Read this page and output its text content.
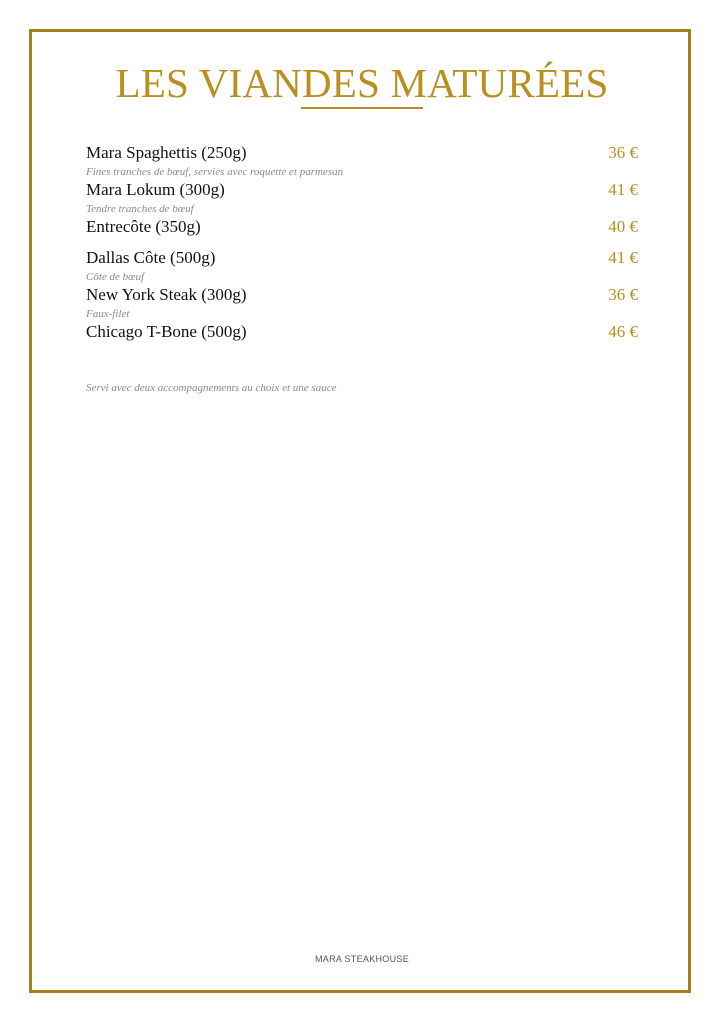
LES VIANDES MATURÉES
Mara Spaghettis (250g)	36 €
Fines tranches de bœuf, servies avec roquette et parmesan
Mara Lokum (300g)	41 €
Tendre tranches de bœuf
Entrecôte (350g)	40 €
Dallas Côte (500g)	41 €
Côte de bœuf
New York Steak (300g)	36 €
Faux-filet
Chicago T-Bone (500g)	46 €
Servi avec deux accompagnements au choix et une sauce
MARA STEAKHOUSE
